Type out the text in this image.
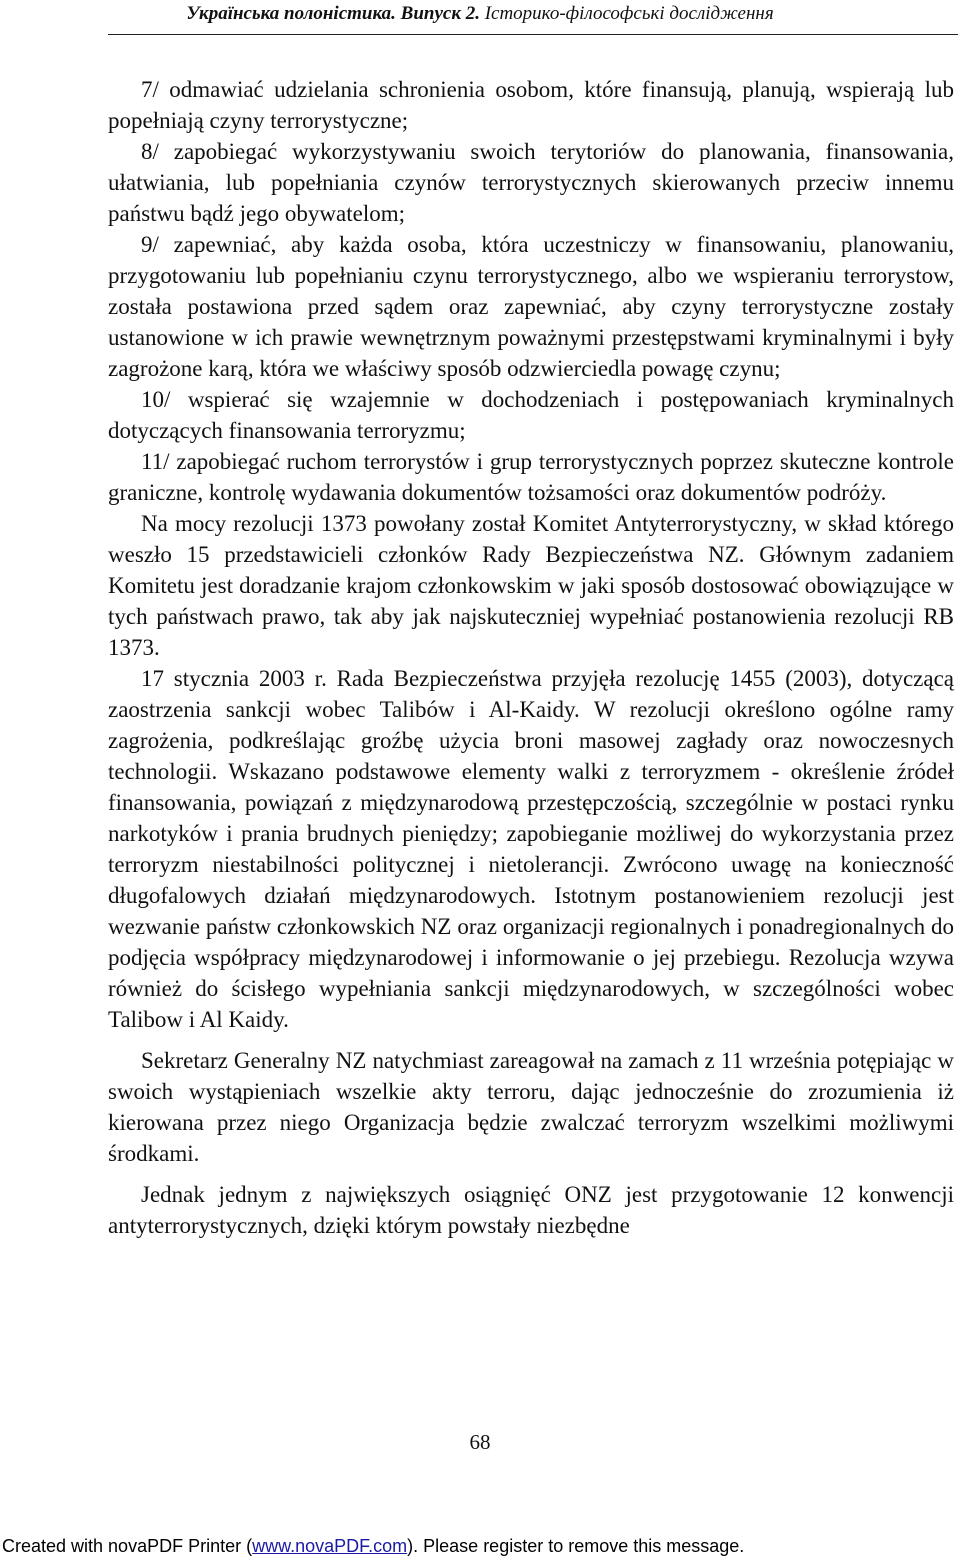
Українська полоністика. Випуск 2. Історико-філософські дослідження

7/ odmawiać udzielania schronienia osobom, które finansują, planują, wspierają lub popełniają czyny terrorystyczne;

8/ zapobiegać wykorzystywaniu swoich terytoriów do planowania, finansowania, ułatwiania, lub popełniania czynów terrorystycznych skierowanych przeciw innemu państwu bądź jego obywatelom;

9/ zapewniać, aby każda osoba, która uczestniczy w finansowaniu, planowaniu, przygotowaniu lub popełnianiu czynu terrorystycznego, albo we wspieraniu terrorystow, została postawiona przed sądem oraz zapewniać, aby czyny terrorystyczne zostały ustanowione w ich prawie wewnętrznym poważnymi przestępstwami kryminalnymi i były zagrożone karą, która we właściwy sposób odzwierciedla powagę czynu;

10/ wspierać się wzajemnie w dochodzeniach i postępowaniach kryminalnych dotyczących finansowania terroryzmu;

11/ zapobiegać ruchom terrorystów i grup terrorystycznych poprzez skuteczne kontrole graniczne, kontrolę wydawania dokumentów tożsamości oraz dokumentów podróży.

Na mocy rezolucji 1373 powołany został Komitet Antyterrorystyczny, w skład którego weszło 15 przedstawicieli członków Rady Bezpieczeństwa NZ. Głównym zadaniem Komitetu jest doradzanie krajom członkowskim w jaki sposób dostosować obowiązujące w tych państwach prawo, tak aby jak najskuteczniej wypełniać postanowienia rezolucji RB 1373.

17 stycznia 2003 r. Rada Bezpieczeństwa przyjęła rezolucję 1455 (2003), dotyczącą zaostrzenia sankcji wobec Talibów i Al-Kaidy. W rezolucji określono ogólne ramy zagrożenia, podkreślając groźbę użycia broni masowej zagłady oraz nowoczesnych technologii. Wskazano podstawowe elementy walki z terroryzmem - określenie źródeł finansowania, powiązań z międzynarodową przestępczością, szczególnie w postaci rynku narkotyków i prania brudnych pieniędzy; zapobieganie możliwej do wykorzystania przez terroryzm niestabilności politycznej i nietolerancji. Zwrócono uwagę na konieczność długofalowych działań międzynarodowych. Istotnym postanowieniem rezolucji jest wezwanie państw członkowskich NZ oraz organizacji regionalnych i ponadregionalnych do podjęcia współpracy międzynarodowej i informowanie o jej przebiegu. Rezolucja wzywa również do ścisłego wypełniania sankcji międzynarodowych, w szczególności wobec Talibow i Al Kaidy.

Sekretarz Generalny NZ natychmiast zareagował na zamach z 11 września potępiając w swoich wystąpieniach wszelkie akty terroru, dając jednocześnie do zrozumienia iż kierowana przez niego Organizacja będzie zwalczać terroryzm wszelkimi możliwymi środkami.

Jednak jednym z największych osiągnięć ONZ jest przygotowanie 12 konwencji antyterrorystycznych, dzięki którym powstały niezbędne

68
Created with novaPDF Printer (www.novaPDF.com). Please register to remove this message.
